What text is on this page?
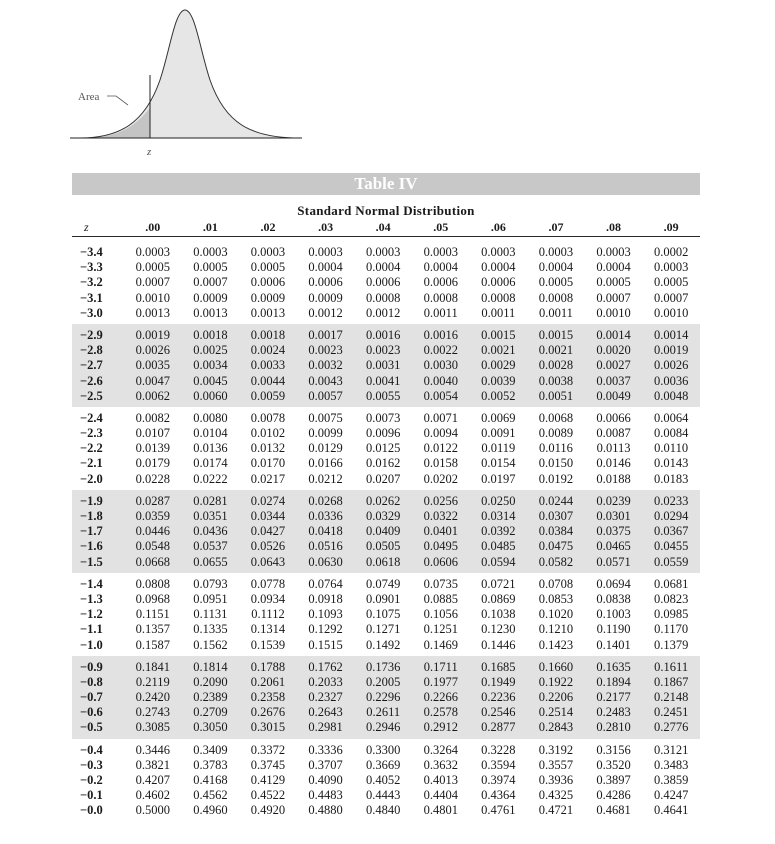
Area
z
Table IV
Standard Normal Distribution
z	.00	.01	.02	.03	.04	.05	.06	.07	.08	.09
−3.4	0.0003	0.0003	0.0003	0.0003	0.0003	0.0003	0.0003	0.0003	0.0003	0.0002
−3.3	0.0005	0.0005	0.0005	0.0004	0.0004	0.0004	0.0004	0.0004	0.0004	0.0003
−3.2	0.0007	0.0007	0.0006	0.0006	0.0006	0.0006	0.0006	0.0005	0.0005	0.0005
−3.1	0.0010	0.0009	0.0009	0.0009	0.0008	0.0008	0.0008	0.0008	0.0007	0.0007
−3.0	0.0013	0.0013	0.0013	0.0012	0.0012	0.0011	0.0011	0.0011	0.0010	0.0010
−2.9	0.0019	0.0018	0.0018	0.0017	0.0016	0.0016	0.0015	0.0015	0.0014	0.0014
−2.8	0.0026	0.0025	0.0024	0.0023	0.0023	0.0022	0.0021	0.0021	0.0020	0.0019
−2.7	0.0035	0.0034	0.0033	0.0032	0.0031	0.0030	0.0029	0.0028	0.0027	0.0026
−2.6	0.0047	0.0045	0.0044	0.0043	0.0041	0.0040	0.0039	0.0038	0.0037	0.0036
−2.5	0.0062	0.0060	0.0059	0.0057	0.0055	0.0054	0.0052	0.0051	0.0049	0.0048
−2.4	0.0082	0.0080	0.0078	0.0075	0.0073	0.0071	0.0069	0.0068	0.0066	0.0064
−2.3	0.0107	0.0104	0.0102	0.0099	0.0096	0.0094	0.0091	0.0089	0.0087	0.0084
−2.2	0.0139	0.0136	0.0132	0.0129	0.0125	0.0122	0.0119	0.0116	0.0113	0.0110
−2.1	0.0179	0.0174	0.0170	0.0166	0.0162	0.0158	0.0154	0.0150	0.0146	0.0143
−2.0	0.0228	0.0222	0.0217	0.0212	0.0207	0.0202	0.0197	0.0192	0.0188	0.0183
−1.9	0.0287	0.0281	0.0274	0.0268	0.0262	0.0256	0.0250	0.0244	0.0239	0.0233
−1.8	0.0359	0.0351	0.0344	0.0336	0.0329	0.0322	0.0314	0.0307	0.0301	0.0294
−1.7	0.0446	0.0436	0.0427	0.0418	0.0409	0.0401	0.0392	0.0384	0.0375	0.0367
−1.6	0.0548	0.0537	0.0526	0.0516	0.0505	0.0495	0.0485	0.0475	0.0465	0.0455
−1.5	0.0668	0.0655	0.0643	0.0630	0.0618	0.0606	0.0594	0.0582	0.0571	0.0559
−1.4	0.0808	0.0793	0.0778	0.0764	0.0749	0.0735	0.0721	0.0708	0.0694	0.0681
−1.3	0.0968	0.0951	0.0934	0.0918	0.0901	0.0885	0.0869	0.0853	0.0838	0.0823
−1.2	0.1151	0.1131	0.1112	0.1093	0.1075	0.1056	0.1038	0.1020	0.1003	0.0985
−1.1	0.1357	0.1335	0.1314	0.1292	0.1271	0.1251	0.1230	0.1210	0.1190	0.1170
−1.0	0.1587	0.1562	0.1539	0.1515	0.1492	0.1469	0.1446	0.1423	0.1401	0.1379
−0.9	0.1841	0.1814	0.1788	0.1762	0.1736	0.1711	0.1685	0.1660	0.1635	0.1611
−0.8	0.2119	0.2090	0.2061	0.2033	0.2005	0.1977	0.1949	0.1922	0.1894	0.1867
−0.7	0.2420	0.2389	0.2358	0.2327	0.2296	0.2266	0.2236	0.2206	0.2177	0.2148
−0.6	0.2743	0.2709	0.2676	0.2643	0.2611	0.2578	0.2546	0.2514	0.2483	0.2451
−0.5	0.3085	0.3050	0.3015	0.2981	0.2946	0.2912	0.2877	0.2843	0.2810	0.2776
−0.4	0.3446	0.3409	0.3372	0.3336	0.3300	0.3264	0.3228	0.3192	0.3156	0.3121
−0.3	0.3821	0.3783	0.3745	0.3707	0.3669	0.3632	0.3594	0.3557	0.3520	0.3483
−0.2	0.4207	0.4168	0.4129	0.4090	0.4052	0.4013	0.3974	0.3936	0.3897	0.3859
−0.1	0.4602	0.4562	0.4522	0.4483	0.4443	0.4404	0.4364	0.4325	0.4286	0.4247
−0.0	0.5000	0.4960	0.4920	0.4880	0.4840	0.4801	0.4761	0.4721	0.4681	0.4641
